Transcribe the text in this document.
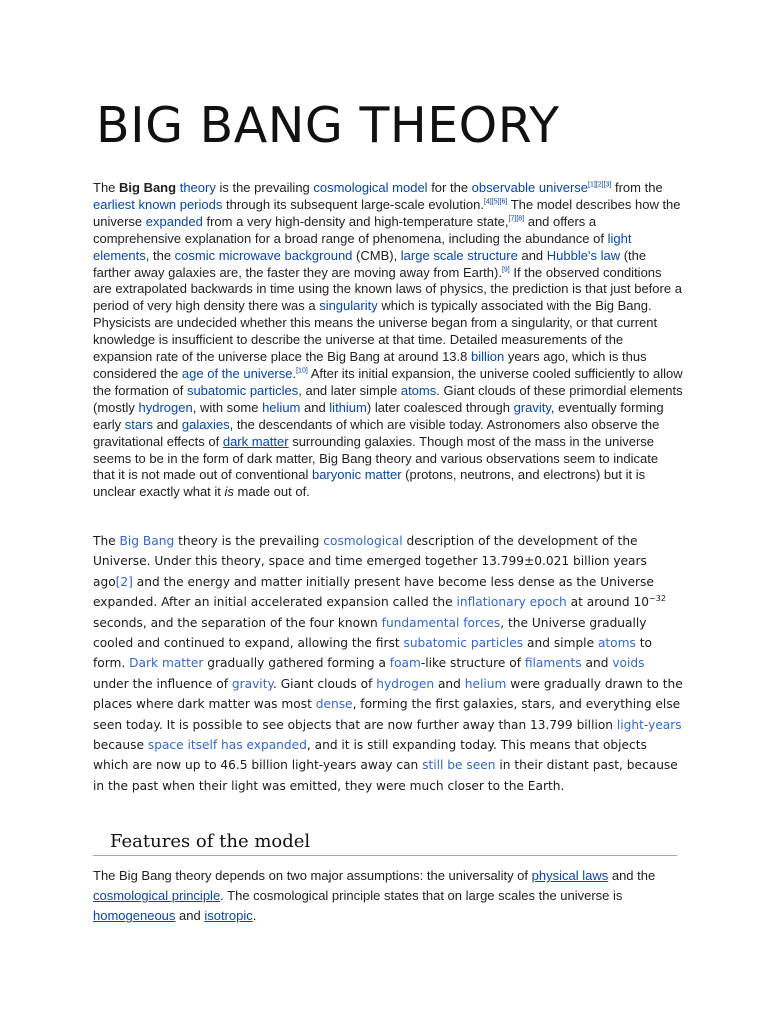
BIG BANG THEORY

The Big Bang theory is the prevailing cosmological model for the observable universe[1][2][3] from the earliest known periods through its subsequent large-scale evolution.[4][5][6] The model describes how the universe expanded from a very high-density and high-temperature state,[7][8] and offers a comprehensive explanation for a broad range of phenomena, including the abundance of light elements, the cosmic microwave background (CMB), large scale structure and Hubble's law (the farther away galaxies are, the faster they are moving away from Earth).[9] If the observed conditions are extrapolated backwards in time using the known laws of physics, the prediction is that just before a period of very high density there was a singularity which is typically associated with the Big Bang. Physicists are undecided whether this means the universe began from a singularity, or that current knowledge is insufficient to describe the universe at that time. Detailed measurements of the expansion rate of the universe place the Big Bang at around 13.8 billion years ago, which is thus considered the age of the universe.[10] After its initial expansion, the universe cooled sufficiently to allow the formation of subatomic particles, and later simple atoms. Giant clouds of these primordial elements (mostly hydrogen, with some helium and lithium) later coalesced through gravity, eventually forming early stars and galaxies, the descendants of which are visible today. Astronomers also observe the gravitational effects of dark matter surrounding galaxies. Though most of the mass in the universe seems to be in the form of dark matter, Big Bang theory and various observations seem to indicate that it is not made out of conventional baryonic matter (protons, neutrons, and electrons) but it is unclear exactly what it is made out of.

The Big Bang theory is the prevailing cosmological description of the development of the Universe. Under this theory, space and time emerged together 13.799±0.021 billion years ago[2] and the energy and matter initially present have become less dense as the Universe expanded. After an initial accelerated expansion called the inflationary epoch at around $10^{-32}$ seconds, and the separation of the four known fundamental forces, the Universe gradually cooled and continued to expand, allowing the first subatomic particles and simple atoms to form. Dark matter gradually gathered forming a foam-like structure of filaments and voids under the influence of gravity. Giant clouds of hydrogen and helium were gradually drawn to the places where dark matter was most dense, forming the first galaxies, stars, and everything else seen today. It is possible to see objects that are now further away than 13.799 billion light-years because space itself has expanded, and it is still expanding today. This means that objects which are now up to 46.5 billion light-years away can still be seen in their distant past, because in the past when their light was emitted, they were much closer to the Earth.

Features of the model

The Big Bang theory depends on two major assumptions: the universality of physical laws and the cosmological principle. The cosmological principle states that on large scales the universe is homogeneous and isotropic.
